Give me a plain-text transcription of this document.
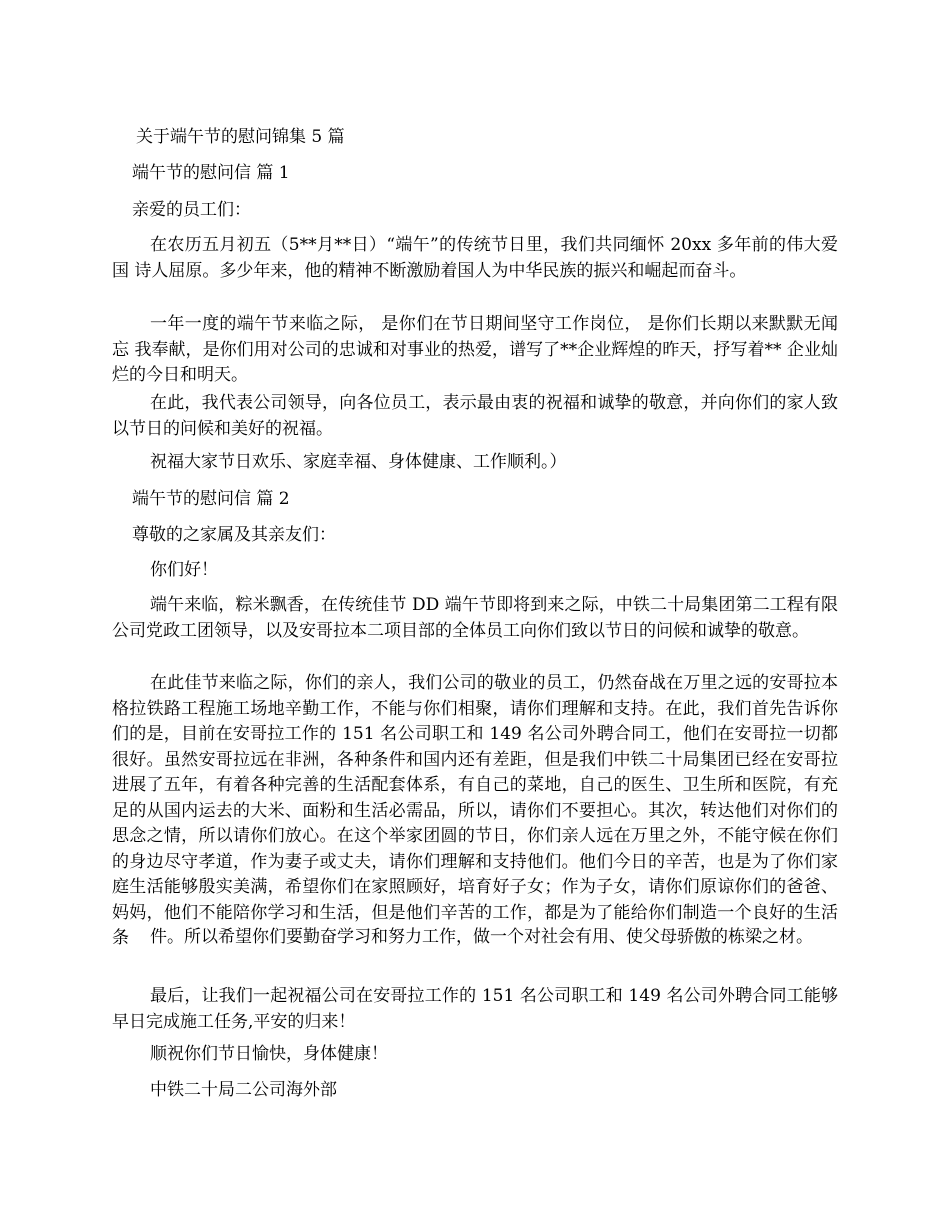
关于端午节的慰问锦集 5 篇
端午节的慰问信 篇 1
亲爱的员工们：
在农历五月初五（5**月**日）“端午”的传统节日里，我们共同缅怀 20xx 多年前的伟大爱国 诗人屈原。多少年来，他的精神不断激励着国人为中华民族的振兴和崛起而奋斗。
一年一度的端午节来临之际， 是你们在节日期间坚守工作岗位， 是你们长期以来默默无闻忘 我奉献，是你们用对公司的忠诚和对事业的热爱，谱写了**企业辉煌的昨天，抒写着** 企业灿烂的今日和明天。
在此，我代表公司领导，向各位员工，表示最由衷的祝福和诚挚的敬意，并向你们的家人致 以节日的问候和美好的祝福。
祝福大家节日欢乐、家庭幸福、身体健康、工作顺利。）
端午节的慰问信 篇 2
尊敬的之家属及其亲友们：
你们好！
端午来临，粽米飘香，在传统佳节 DD 端午节即将到来之际，中铁二十局集团第二工程有限公司党政工团领导，以及安哥拉本二项目部的全体员工向你们致以节日的问候和诚挚的敬意。
在此佳节来临之际，你们的亲人，我们公司的敬业的员工，仍然奋战在万里之远的安哥拉本格拉铁路工程施工场地辛勤工作，不能与你们相聚，请你们理解和支持。在此，我们首先告诉你们的是，目前在安哥拉工作的 151 名公司职工和 149 名公司外聘合同工，他们在安哥拉一切都很好。虽然安哥拉远在非洲，各种条件和国内还有差距，但是我们中铁二十局集团已经在安哥拉进展了五年，有着各种完善的生活配套体系，有自己的菜地，自己的医生、卫生所和医院，有充足的从国内运去的大米、面粉和生活必需品，所以，请你们不要担心。其次，转达他们对你们的思念之情，所以请你们放心。在这个举家团圆的节日，你们亲人远在万里之外，不能守候在你们的身边尽守孝道，作为妻子或丈夫，请你们理解和支持他们。他们今日的辛苦，也是为了你们家庭生活能够殷实美满，希望你们在家照顾好，培育好子女；作为子女，请你们原谅你们的爸爸、妈妈，他们不能陪你学习和生活，但是他们辛苦的工作，都是为了能给你们制造一个良好的生活条	件。所以希望你们要勤奋学习和努力工作，做一个对社会有用、使父母骄傲的栋梁之材。
最后，让我们一起祝福公司在安哥拉工作的 151 名公司职工和 149 名公司外聘合同工能够早日完成施工任务,平安的归来！
顺祝你们节日愉快，身体健康！
中铁二十局二公司海外部
